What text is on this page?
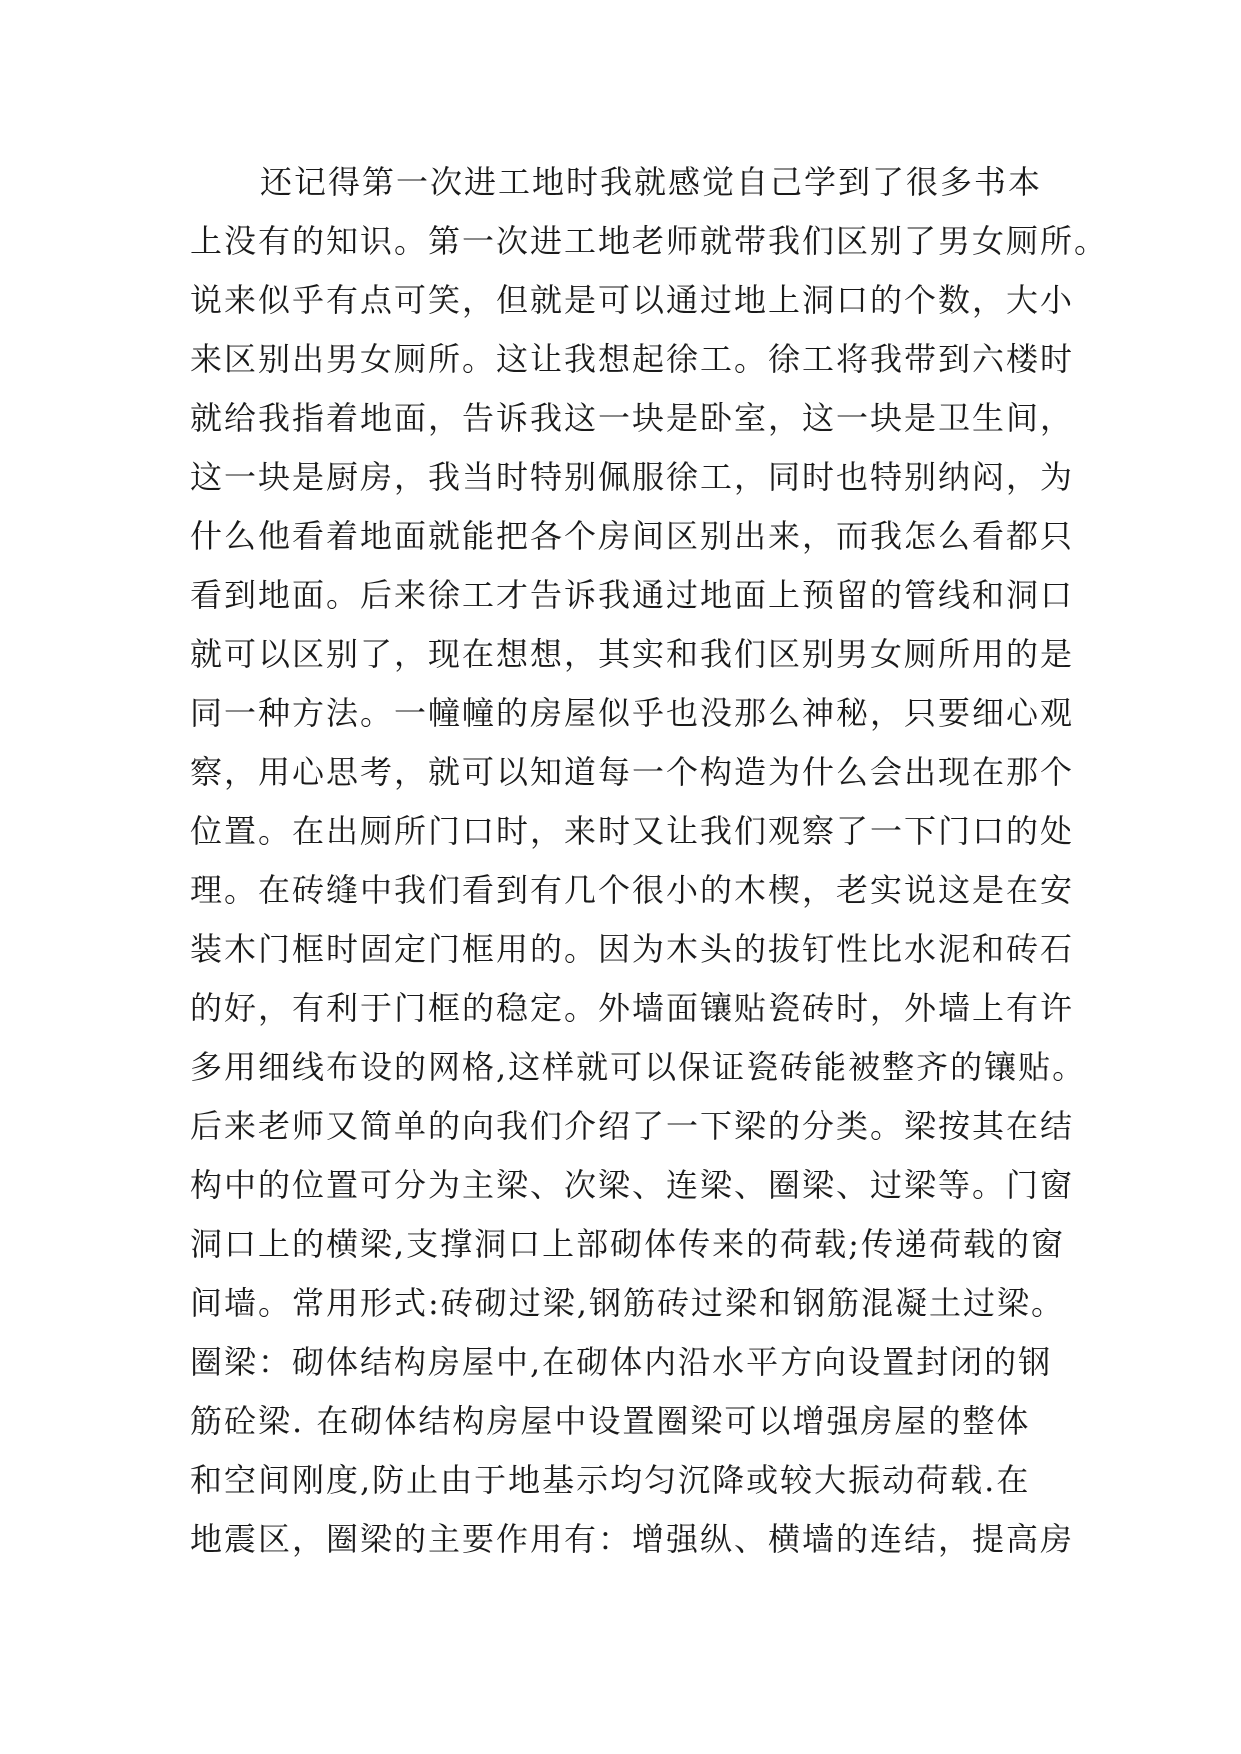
还记得第一次进工地时我就感觉自己学到了很多书本
上没有的知识。第一次进工地老师就带我们区别了男女厕所。
说来似乎有点可笑，但就是可以通过地上洞口的个数，大小
来区别出男女厕所。这让我想起徐工。徐工将我带到六楼时
就给我指着地面，告诉我这一块是卧室，这一块是卫生间，
这一块是厨房，我当时特别佩服徐工，同时也特别纳闷，为
什么他看着地面就能把各个房间区别出来，而我怎么看都只
看到地面。后来徐工才告诉我通过地面上预留的管线和洞口
就可以区别了，现在想想，其实和我们区别男女厕所用的是
同一种方法。一幢幢的房屋似乎也没那么神秘，只要细心观
察，用心思考，就可以知道每一个构造为什么会出现在那个
位置。在出厕所门口时，来时又让我们观察了一下门口的处
理。在砖缝中我们看到有几个很小的木楔，老实说这是在安
装木门框时固定门框用的。因为木头的拔钉性比水泥和砖石
的好，有利于门框的稳定。外墙面镶贴瓷砖时，外墙上有许
多用细线布设的网格,这样就可以保证瓷砖能被整齐的镶贴。
后来老师又简单的向我们介绍了一下梁的分类。梁按其在结
构中的位置可分为主梁、次梁、连梁、圈梁、过梁等。门窗
洞口上的横梁,支撑洞口上部砌体传来的荷载;传递荷载的窗
间墙。常用形式:砖砌过梁,钢筋砖过梁和钢筋混凝土过梁。
圈梁：砌体结构房屋中,在砌体内沿水平方向设置封闭的钢
筋砼梁. 在砌体结构房屋中设置圈梁可以增强房屋的整体
和空间刚度,防止由于地基示均匀沉降或较大振动荷载.在
地震区，圈梁的主要作用有：增强纵、横墙的连结，提高房
